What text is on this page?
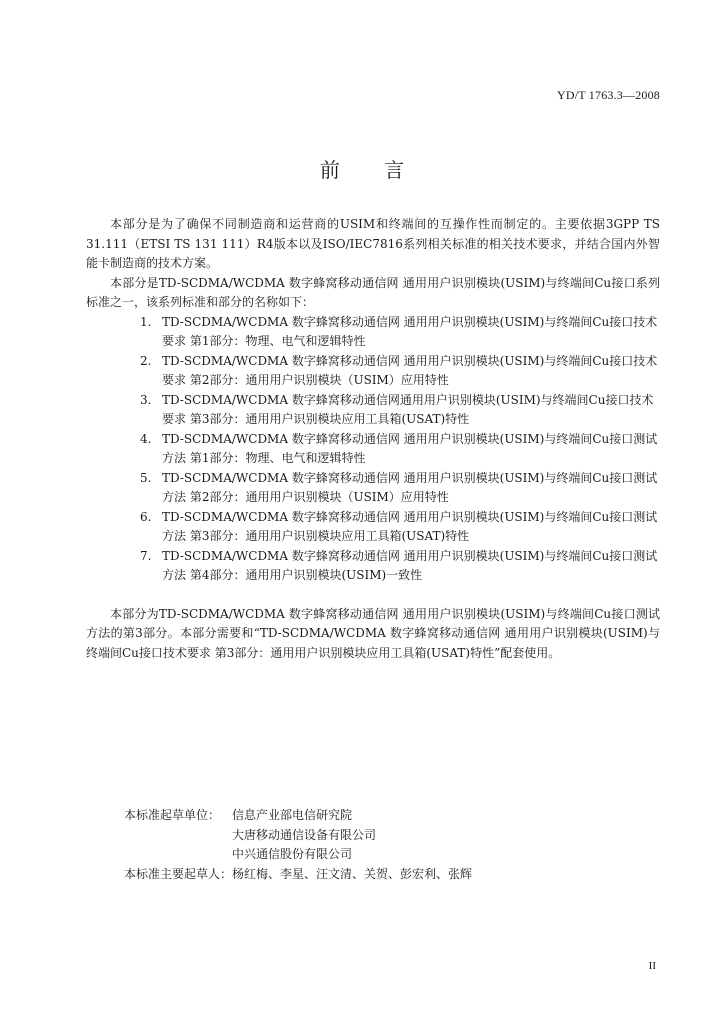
YD/T 1763.3—2008
前 言

本部分是为了确保不同制造商和运营商的USIM和终端间的互操作性而制定的。主要依据3GPP TS 31.111（ETSI TS 131 111）R4版本以及ISO/IEC7816系列相关标准的相关技术要求，并结合国内外智能卡制造商的技术方案。

本部分是TD-SCDMA/WCDMA 数字蜂窝移动通信网 通用用户识别模块(USIM)与终端间Cu接口系列标准之一，该系列标准和部分的名称如下：

1. TD-SCDMA/WCDMA 数字蜂窝移动通信网 通用用户识别模块(USIM)与终端间Cu接口技术要求 第1部分：物理、电气和逻辑特性
2. TD-SCDMA/WCDMA 数字蜂窝移动通信网 通用用户识别模块(USIM)与终端间Cu接口技术要求 第2部分：通用用户识别模块（USIM）应用特性
3. TD-SCDMA/WCDMA 数字蜂窝移动通信网通用用户识别模块(USIM)与终端间Cu接口技术要求 第3部分：通用用户识别模块应用工具箱(USAT)特性
4. TD-SCDMA/WCDMA 数字蜂窝移动通信网 通用用户识别模块(USIM)与终端间Cu接口测试方法 第1部分：物理、电气和逻辑特性
5. TD-SCDMA/WCDMA 数字蜂窝移动通信网 通用用户识别模块(USIM)与终端间Cu接口测试方法 第2部分：通用用户识别模块（USIM）应用特性
6. TD-SCDMA/WCDMA 数字蜂窝移动通信网 通用用户识别模块(USIM)与终端间Cu接口测试方法 第3部分：通用用户识别模块应用工具箱(USAT)特性
7. TD-SCDMA/WCDMA 数字蜂窝移动通信网 通用用户识别模块(USIM)与终端间Cu接口测试方法 第4部分：通用用户识别模块(USIM)一致性

本部分为TD-SCDMA/WCDMA 数字蜂窝移动通信网 通用用户识别模块(USIM)与终端间Cu接口测试方法的第3部分。本部分需要和“TD-SCDMA/WCDMA 数字蜂窝移动通信网 通用用户识别模块(USIM)与终端间Cu接口技术要求 第3部分：通用用户识别模块应用工具箱(USAT)特性”配套使用。

本标准起草单位： 信息产业部电信研究院
大唐移动通信设备有限公司
中兴通信股份有限公司
本标准主要起草人： 杨红梅、李星、汪文清、关贺、彭宏利、张辉
II
